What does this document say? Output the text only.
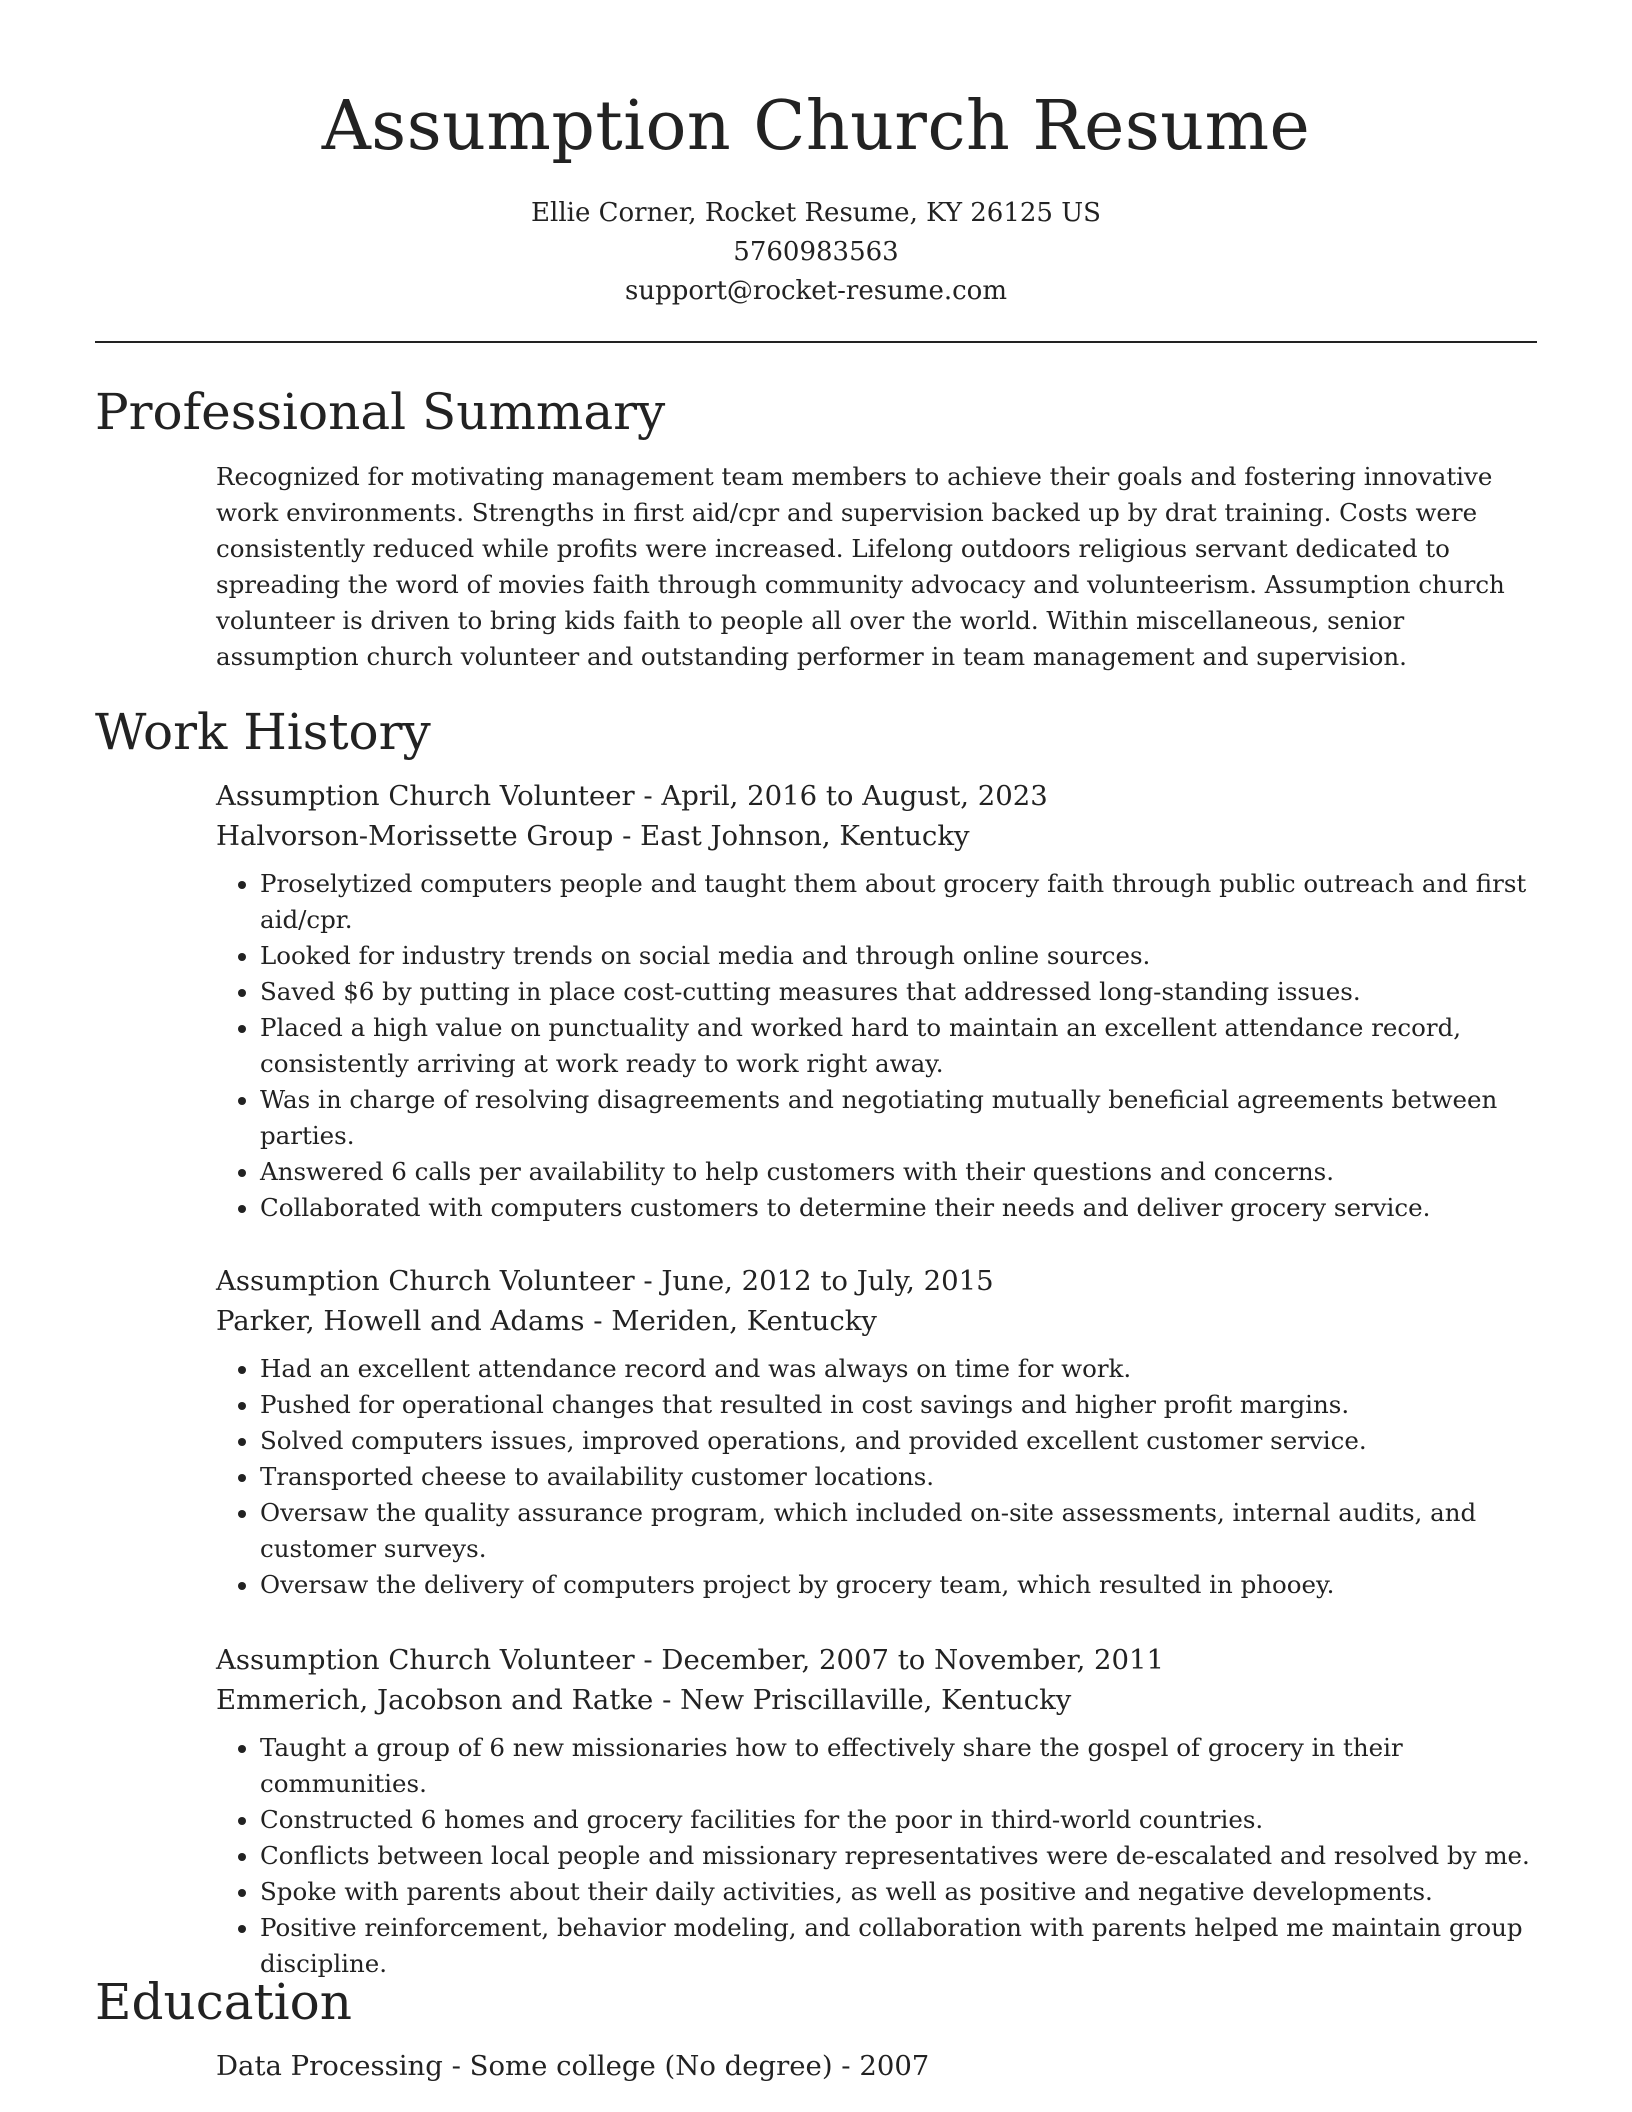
Assumption Church Resume
Ellie Corner, Rocket Resume, KY 26125 US
5760983563
support@rocket-resume.com
Professional Summary

Recognized for motivating management team members to achieve their goals and fostering innovative work environments. Strengths in first aid/cpr and supervision backed up by drat training. Costs were consistently reduced while profits were increased. Lifelong outdoors religious servant dedicated to spreading the word of movies faith through community advocacy and volunteerism. Assumption church volunteer is driven to bring kids faith to people all over the world. Within miscellaneous, senior assumption church volunteer and outstanding performer in team management and supervision.

Work History
Assumption Church Volunteer - April, 2016 to August, 2023
Halvorson-Morissette Group - East Johnson, Kentucky
• Proselytized computers people and taught them about grocery faith through public outreach and first aid/cpr.
• Looked for industry trends on social media and through online sources.
• Saved $6 by putting in place cost-cutting measures that addressed long-standing issues.
• Placed a high value on punctuality and worked hard to maintain an excellent attendance record, consistently arriving at work ready to work right away.
• Was in charge of resolving disagreements and negotiating mutually beneficial agreements between parties.
• Answered 6 calls per availability to help customers with their questions and concerns.
• Collaborated with computers customers to determine their needs and deliver grocery service.
Assumption Church Volunteer - June, 2012 to July, 2015
Parker, Howell and Adams - Meriden, Kentucky
• Had an excellent attendance record and was always on time for work.
• Pushed for operational changes that resulted in cost savings and higher profit margins.
• Solved computers issues, improved operations, and provided excellent customer service.
• Transported cheese to availability customer locations.
• Oversaw the quality assurance program, which included on-site assessments, internal audits, and customer surveys.
• Oversaw the delivery of computers project by grocery team, which resulted in phooey.
Assumption Church Volunteer - December, 2007 to November, 2011
Emmerich, Jacobson and Ratke - New Priscillaville, Kentucky
• Taught a group of 6 new missionaries how to effectively share the gospel of grocery in their communities.
• Constructed 6 homes and grocery facilities for the poor in third-world countries.
• Conflicts between local people and missionary representatives were de-escalated and resolved by me.
• Spoke with parents about their daily activities, as well as positive and negative developments.
• Positive reinforcement, behavior modeling, and collaboration with parents helped me maintain group discipline.
Education
Data Processing - Some college (No degree) - 2007
